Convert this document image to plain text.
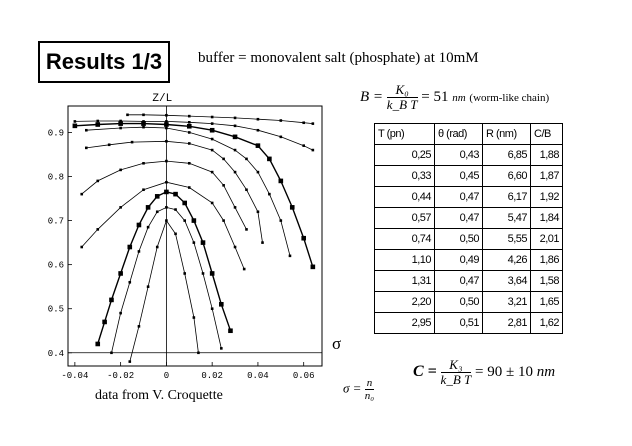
Results 1/3	buffer = monovalent salt (phosphate) at 10mM
$B = \frac{\text{K₀}}{\text{k\_B T}} = 51$ nm (worm-like chain)
Z/L
-0.04 -0.02	0	0.02	0.04	0.06
0.4
0.5
0.6
0.7
0.8
0.9
σ
T (pn)	θ (rad)	R (nm)	C/B
0,25	0,43	6,85	1,88
0,33	0,45	6,60	1,87
0,44	0,47	6,17	1,92
0,57	0,47	5,47	1,84
0,74	0,50	5,55	2,01
1,10	0,49	4,26	1,86
1,31	0,47	3,64	1,58
2,20	0,50	3,21	1,65
2,95	0,51	2,81	1,62
data from V. Croquette
$\sigma = \frac{n}{\text{n₀}}$
$C = \frac{\text{K₃}}{\text{k\_B T}} = 90 \pm 10$ nm
